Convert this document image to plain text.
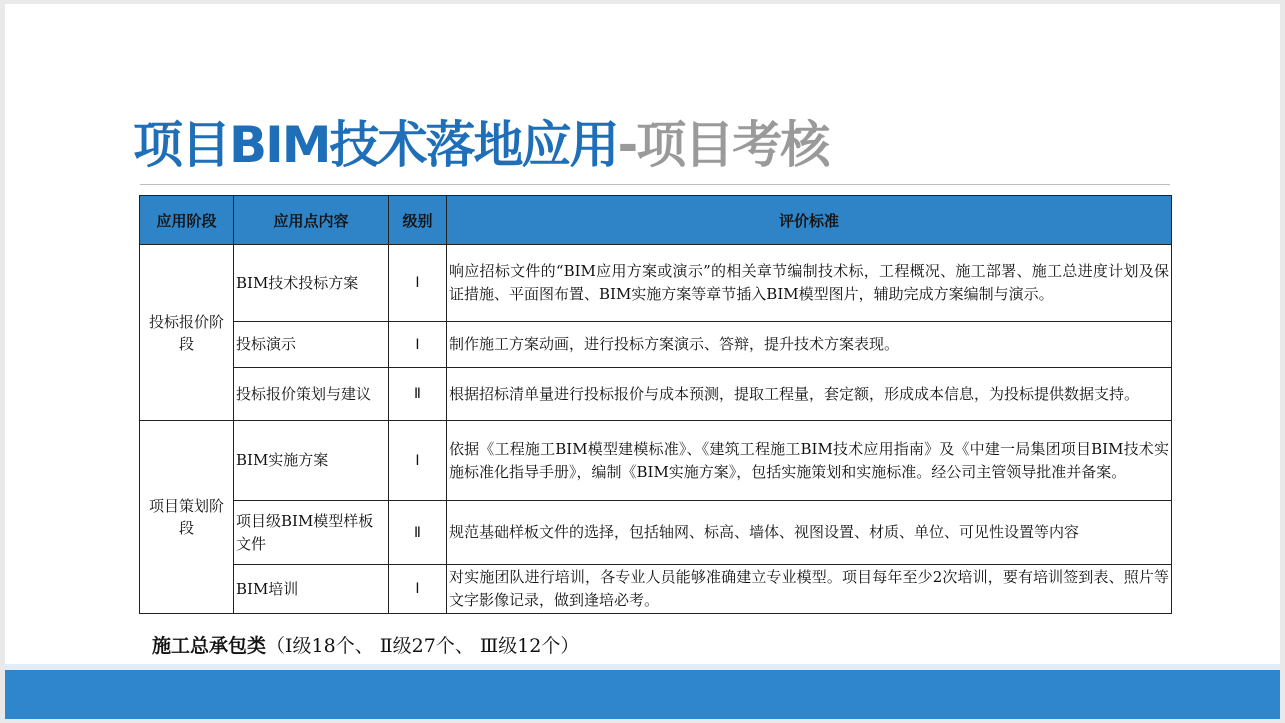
项目BIM技术落地应用-项目考核
应用阶段	应用点内容	级别	评价标准
投标报价阶段	BIM技术投标方案	Ⅰ	响应招标文件的“BIM应用方案或演示”的相关章节编制技术标，工程概况、施工部署、施工总进度计划及保证措施、平面图布置、BIM实施方案等章节插入BIM模型图片，辅助完成方案编制与演示。
	投标演示	Ⅰ	制作施工方案动画，进行投标方案演示、答辩，提升技术方案表现。
	投标报价策划与建议	Ⅱ	根据招标清单量进行投标报价与成本预测，提取工程量，套定额，形成成本信息，为投标提供数据支持。
项目策划阶段	BIM实施方案	Ⅰ	依据《工程施工BIM模型建模标准》、《建筑工程施工BIM技术应用指南》及《中建一局集团项目BIM技术实施标准化指导手册》，编制《BIM实施方案》，包括实施策划和实施标准。经公司主管领导批准并备案。
	项目级BIM模型样板文件	Ⅱ	规范基础样板文件的选择，包括轴网、标高、墙体、视图设置、材质、单位、可见性设置等内容
	BIM培训	Ⅰ	对实施团队进行培训，各专业人员能够准确建立专业模型。项目每年至少2次培训，要有培训签到表、照片等文字影像记录，做到逢培必考。
施工总承包类（Ⅰ级18个、 Ⅱ级27个、 Ⅲ级12个）
